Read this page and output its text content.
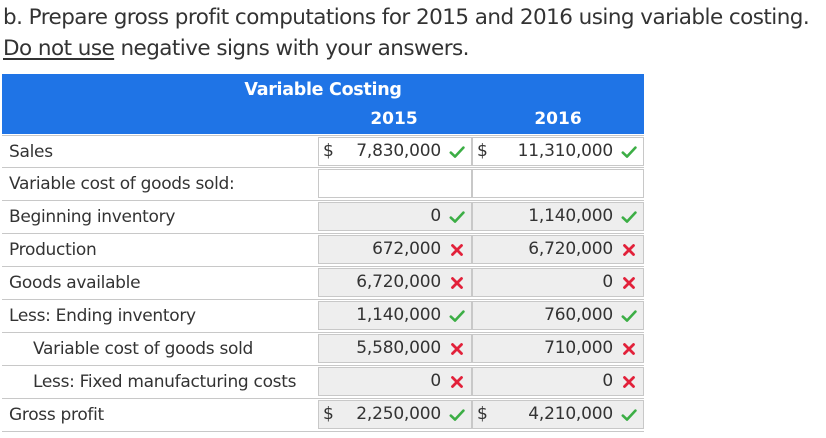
b. Prepare gross profit computations for 2015 and 2016 using variable costing.
Do not use negative signs with your answers.
Variable Costing
2015	2016
Sales	$ 7,830,000 $ 11,310,000
Variable cost of goods sold:
Beginning inventory	0	1,140,000
Production	672,000	6,720,000
Goods available	6,720,000	0
Less: Ending inventory	1,140,000	760,000
Variable cost of goods sold	5,580,000	710,000
Less: Fixed manufacturing costs	0	0
Gross profit	$ 2,250,000 $ 4,210,000
